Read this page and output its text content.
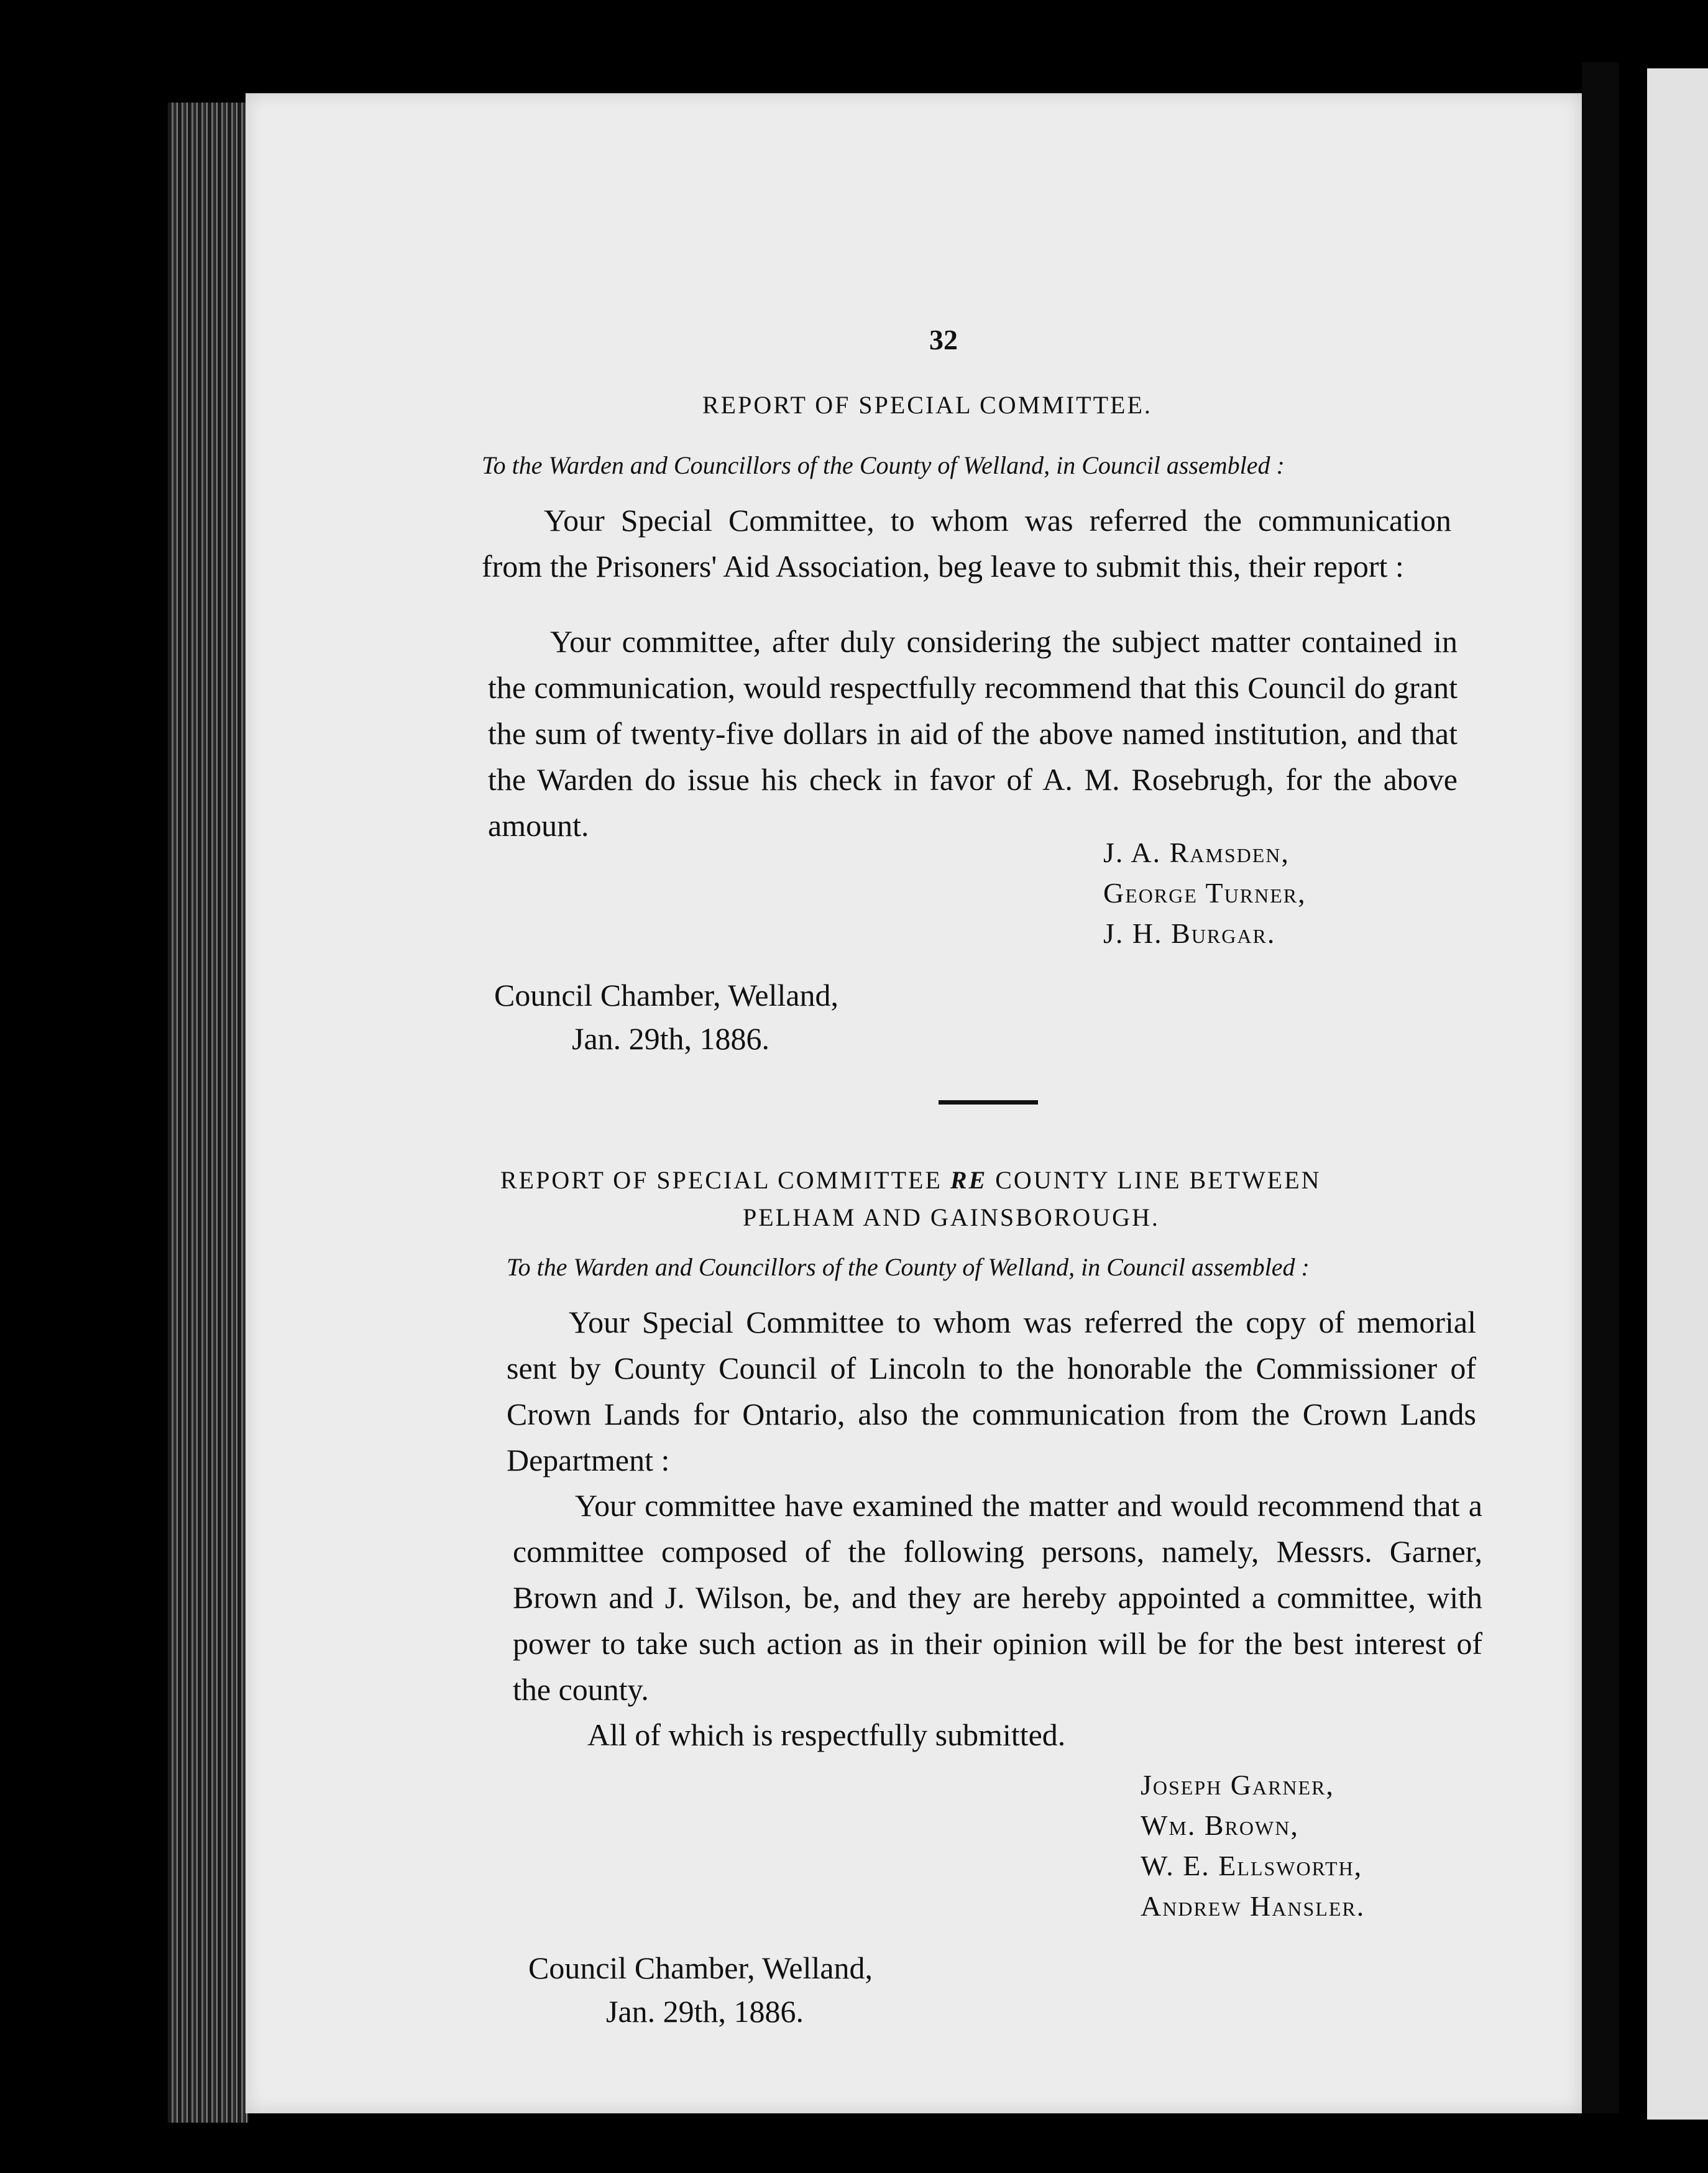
32
REPORT OF SPECIAL COMMITTEE.
To the Warden and Councillors of the County of Welland, in Council assembled :
Your Special Committee, to whom was referred the communication from the Prisoners' Aid Association, beg leave to submit this, their report :
Your committee, after duly considering the subject matter contained in the communication, would respectfully recommend that this Council do grant the sum of twenty-five dollars in aid of the above named institution, and that the Warden do issue his check in favor of A. M. Rosebrugh, for the above amount.
J. A. Ramsden,
George Turner,
J. H. Burgar.
Council Chamber, Welland,
Jan. 29th, 1886.
REPORT OF SPECIAL COMMITTEE RE COUNTY LINE BETWEEN
PELHAM AND GAINSBOROUGH.
To the Warden and Councillors of the County of Welland, in Council assembled :
Your Special Committee to whom was referred the copy of memorial sent by County Council of Lincoln to the honorable the Commissioner of Crown Lands for Ontario, also the communication from the Crown Lands Department :
Your committee have examined the matter and would recommend that a committee composed of the following persons, namely, Messrs. Garner, Brown and J. Wilson, be, and they are hereby appointed a committee, with power to take such action as in their opinion will be for the best interest of the county.
All of which is respectfully submitted.
Joseph Garner,
Wm. Brown,
W. E. Ellsworth,
Andrew Hansler.
Council Chamber, Welland,
Jan. 29th, 1886.
